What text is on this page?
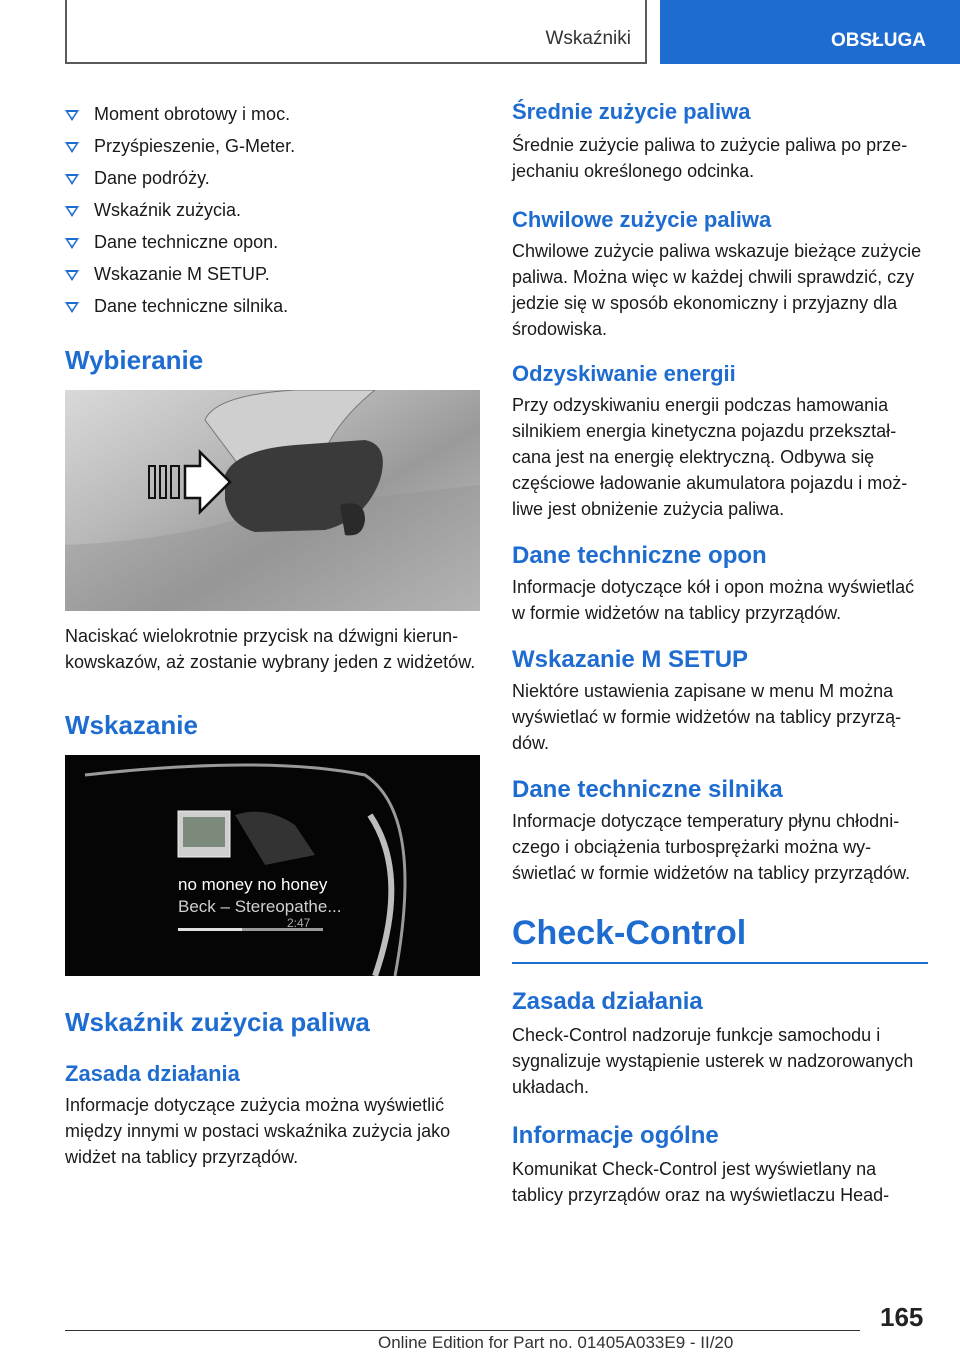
Wskaźniki	OBSŁUGA
Moment obrotowy i moc.
Przyśpieszenie, G-Meter.
Dane podróży.
Wskaźnik zużycia.
Dane techniczne opon.
Wskazanie M SETUP.
Dane techniczne silnika.
Wybieranie

Naciskać wielokrotnie przycisk na dźwigni kierunkowskazów, aż zostanie wybrany jeden z widżetów.

Wskazanie
no money no honey
Beck – Stereopathe...
2:47
Wskaźnik zużycia paliwa
Zasada działania

Informacje dotyczące zużycia można wyświetlić między innymi w postaci wskaźnika zużycia jako widżet na tablicy przyrządów.

Średnie zużycie paliwa

Średnie zużycie paliwa to zużycie paliwa po przejechaniu określonego odcinka.

Chwilowe zużycie paliwa

Chwilowe zużycie paliwa wskazuje bieżące zużycie paliwa. Można więc w każdej chwili sprawdzić, czy jedzie się w sposób ekonomiczny i przyjazny dla środowiska.

Odzyskiwanie energii

Przy odzyskiwaniu energii podczas hamowania silnikiem energia kinetyczna pojazdu przekształcana jest na energię elektryczną. Odbywa się częściowe ładowanie akumulatora pojazdu i możliwe jest obniżenie zużycia paliwa.

Dane techniczne opon

Informacje dotyczące kół i opon można wyświetlać w formie widżetów na tablicy przyrządów.

Wskazanie M SETUP

Niektóre ustawienia zapisane w menu M można wyświetlać w formie widżetów na tablicy przyrządów.

Dane techniczne silnika

Informacje dotyczące temperatury płynu chłodniczego i obciążenia turbosprężarki można wyświetlać w formie widżetów na tablicy przyrządów.

Check-Control
Zasada działania

Check-Control nadzoruje funkcje samochodu i sygnalizuje wystąpienie usterek w nadzorowanych układach.

Informacje ogólne

Komunikat Check-Control jest wyświetlany na tablicy przyrządów oraz na wyświetlaczu Head-

165
Online Edition for Part no. 01405A033E9 - II/20
